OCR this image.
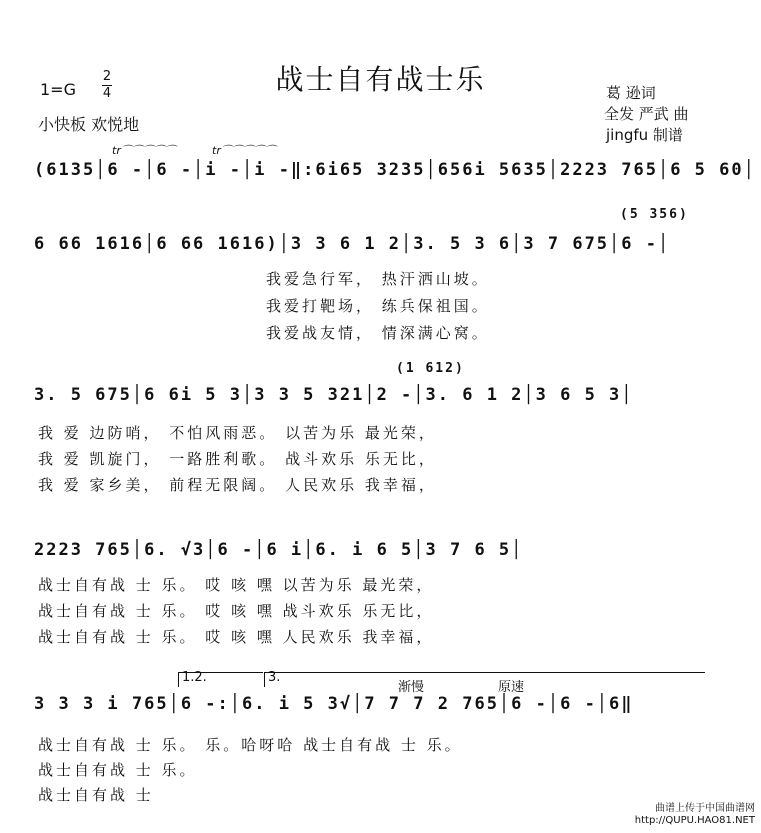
战士自有战士乐
1=G
2
4
小快板 欢悦地
葛 逊词
全发 严武 曲
jingfu 制谱
tr⌒⌒⌒⌒⌒	tr⌒⌒⌒⌒⌒
(6135│6 -│6 -│i -│i -‖:6i65 3235│656i 5635│2223 765│6 5 60│
(5 356)
6 66 1616│6 66 1616)│3 3 6 1 2│3. 5 3 6│3 7 675│6 -│
我爱急行军， 热汗洒山坡。
我爱打靶场， 练兵保祖国。
我爱战友情， 情深满心窝。
(1 612)
3. 5 675│6 6i 5 3│3 3 5 321│2 -│3. 6 1 2│3 6 5 3│
我 爱 边防哨， 不怕风雨恶。 以苦为乐 最光荣，
我 爱 凯旋门， 一路胜利歌。 战斗欢乐 乐无比，
我 爱 家乡美， 前程无限阔。 人民欢乐 我幸福，
2223 765│6. √3│6 -│6 i│6. i 6 5│3 7 6 5│
战士自有战 士 乐。 哎 咳 嘿 以苦为乐 最光荣，
战士自有战 士 乐。 哎 咳 嘿 战斗欢乐 乐无比，
战士自有战 士 乐。 哎 咳 嘿 人民欢乐 我幸福，
1.2.	3.
渐慢	原速
3 3 3 i 765│6 -:│6. i 5 3√│7 7 7 2 765│6 -│6 -│6‖
战士自有战 士 乐。 乐。哈呀哈 战士自有战 士 乐。
战士自有战 士 乐。
战士自有战 士
曲谱上传于中国曲谱网
http://QUPU.HAO81.NET
